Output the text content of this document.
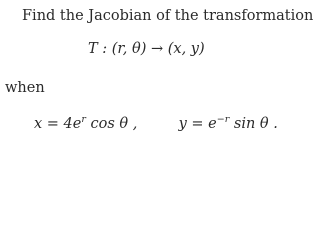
Find the Jacobian of the transformation
T : (r, θ) → (x, y)
when
$x = 4e^r$ cos θ ,	$y = e^{-r}$ sin θ .
